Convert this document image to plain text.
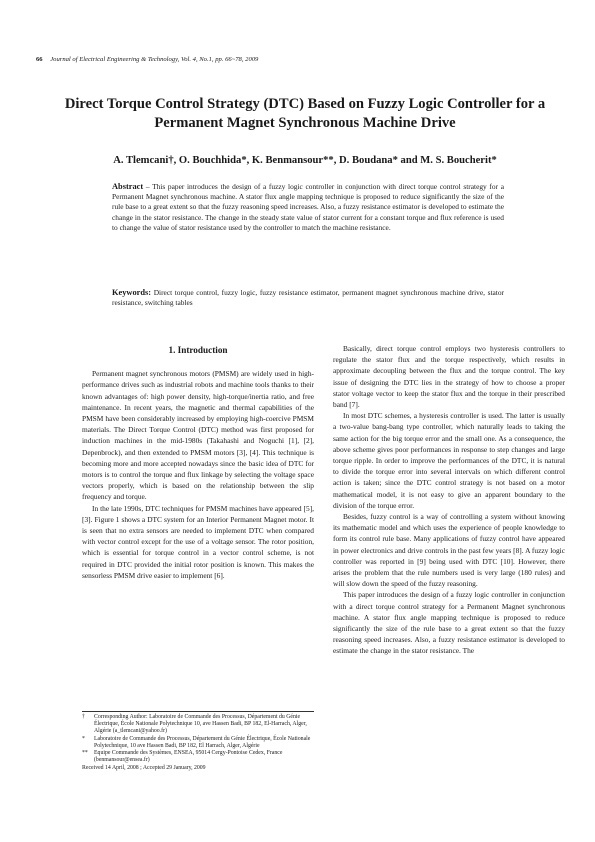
66 Journal of Electrical Engineering & Technology, Vol. 4, No.1, pp. 66~78, 2009
Direct Torque Control Strategy (DTC) Based on Fuzzy Logic Controller for a Permanent Magnet Synchronous Machine Drive
A. Tlemcani†, O. Bouchhida*, K. Benmansour**, D. Boudana* and M. S. Boucherit*

Abstract – This paper introduces the design of a fuzzy logic controller in conjunction with direct torque control strategy for a Permanent Magnet synchronous machine. A stator flux angle mapping technique is proposed to reduce significantly the size of the rule base to a great extent so that the fuzzy reasoning speed increases. Also, a fuzzy resistance estimator is developed to estimate the change in the stator resistance. The change in the steady state value of stator current for a constant torque and flux reference is used to change the value of stator resistance used by the controller to match the machine resistance.

Keywords: Direct torque control, fuzzy logic, fuzzy resistance estimator, permanent magnet synchronous machine drive, stator resistance, switching tables

1. Introduction

Permanent magnet synchronous motors (PMSM) are widely used in high-performance drives such as industrial robots and machine tools thanks to their known advantages of: high power density, high-torque/inertia ratio, and free maintenance. In recent years, the magnetic and thermal capabilities of the PMSM have been considerably increased by employing high-coercive PMSM materials. The Direct Torque Control (DTC) method was first proposed for induction machines in the mid-1980s (Takahashi and Noguchi [1], [2], Depenbrock), and then extended to PMSM motors [3], [4]. This technique is becoming more and more accepted nowadays since the basic idea of DTC for motors is to control the torque and flux linkage by selecting the voltage space vectors properly, which is based on the relationship between the slip frequency and torque.

In the late 1990s, DTC techniques for PMSM machines have appeared [5], [3]. Figure 1 shows a DTC system for an Interior Permanent Magnet motor. It is seen that no extra sensors are needed to implement DTC when compared with vector control except for the use of a voltage sensor. The rotor position, which is essential for torque control in a vector control scheme, is not required in DTC provided the initial rotor position is known. This makes the sensorless PMSM drive easier to implement [6].

†	Corresponding Author: Laboratoire de Commande des Processus, Département du Génie Électrique, École Nationale Polytechnique 10, ave Hassen Badi, BP 182, El-Harrach, Alger, Algérie (a_tlemcani@yahoo.fr)
*	Laboratoire de Commande des Processus, Département du Génie Électrique, École Nationale Polytechnique, 10 ave Hassen Badi, BP 182, El Harrach, Alger, Algérie
**	Equipe Commande des Systèmes, ENSEA, 95014 Cergy-Pontoise Cedex, France (benmansour@ensea.fr)
Received 14 April, 2008 ; Accepted 29 January, 2009

Basically, direct torque control employs two hysteresis controllers to regulate the stator flux and the torque respectively, which results in approximate decoupling between the flux and the torque control. The key issue of designing the DTC lies in the strategy of how to choose a proper stator voltage vector to keep the stator flux and the torque in their prescribed band [7].

In most DTC schemes, a hysteresis controller is used. The latter is usually a two-value bang-bang type controller, which naturally leads to taking the same action for the big torque error and the small one. As a consequence, the above scheme gives poor performances in response to step changes and large torque ripple. In order to improve the performances of the DTC, it is natural to divide the torque error into several intervals on which different control action is taken; since the DTC control strategy is not based on a motor mathematical model, it is not easy to give an apparent boundary to the division of the torque error.

Besides, fuzzy control is a way of controlling a system without knowing its mathematic model and which uses the experience of people knowledge to form its control rule base. Many applications of fuzzy control have appeared in power electronics and drive controls in the past few years [8]. A fuzzy logic controller was reported in [9] being used with DTC [10]. However, there arises the problem that the rule numbers used is very large (180 rules) and will slow down the speed of the fuzzy reasoning.

This paper introduces the design of a fuzzy logic controller in conjunction with a direct torque control strategy for a Permanent Magnet synchronous machine. A stator flux angle mapping technique is proposed to reduce significantly the size of the rule base to a great extent so that the fuzzy reasoning speed increases. Also, a fuzzy resistance estimator is developed to estimate the change in the stator resistance. The
